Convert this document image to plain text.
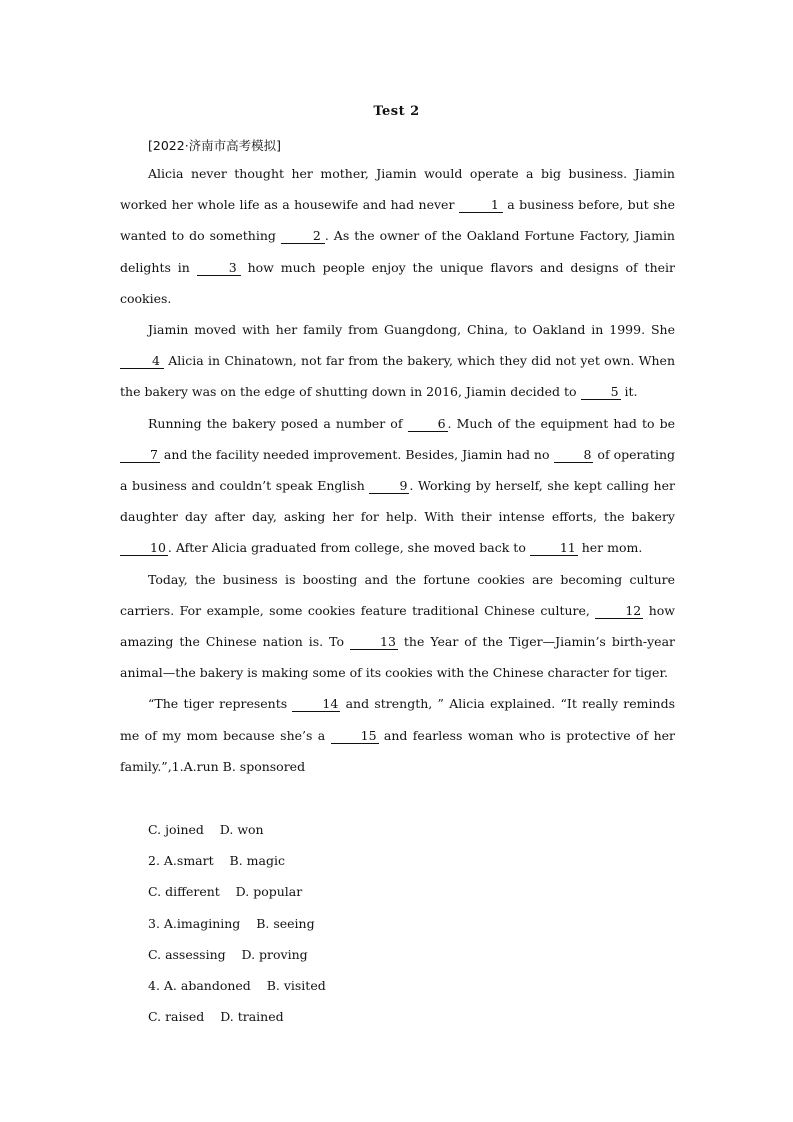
Test 2
[2022·济南市高考模拟]

Alicia never thought her mother, Jiamin would operate a big business. Jiamin worked her whole life as a housewife and had never	1 a business before, but she wanted to do something	2 . As the owner of the Oakland Fortune Factory, Jiamin delights in	3 how much people enjoy the unique flavors and designs of their cookies.

Jiamin moved with her family from Guangdong, China, to Oakland in 1999. She 4 Alicia in Chinatown, not far from the bakery, which they did not yet own. When the bakery was on the edge of shutting down in 2016, Jiamin decided to 5 it.

Running the bakery posed a number of 6 . Much of the equipment had to be 7 and the facility needed improvement. Besides, Jiamin had no 8 of operating a business and couldn’t speak English 9 . Working by herself, she kept calling her daughter day after day, asking her for help. With their intense efforts, the bakery 10 . After Alicia graduated from college, she moved back to 11 her mom.

Today, the business is boosting and the fortune cookies are becoming culture carriers. For example, some cookies feature traditional Chinese culture, 12 how amazing the Chinese nation is. To 13 the Year of the Tiger—Jiamin’s birth-year animal—the bakery is making some of its cookies with the Chinese character for tiger.

“The tiger represents 14 and strength, ” Alicia explained. “It really reminds me of my mom because she’s a 15 and fearless woman who is protective of her family.”,1.A.run B. sponsored

C. joined    D. won
2. A.smart    B. magic
C. different    D. popular
3. A.imagining    B. seeing
C. assessing    D. proving
4. A. abandoned    B. visited
C. raised    D. trained
